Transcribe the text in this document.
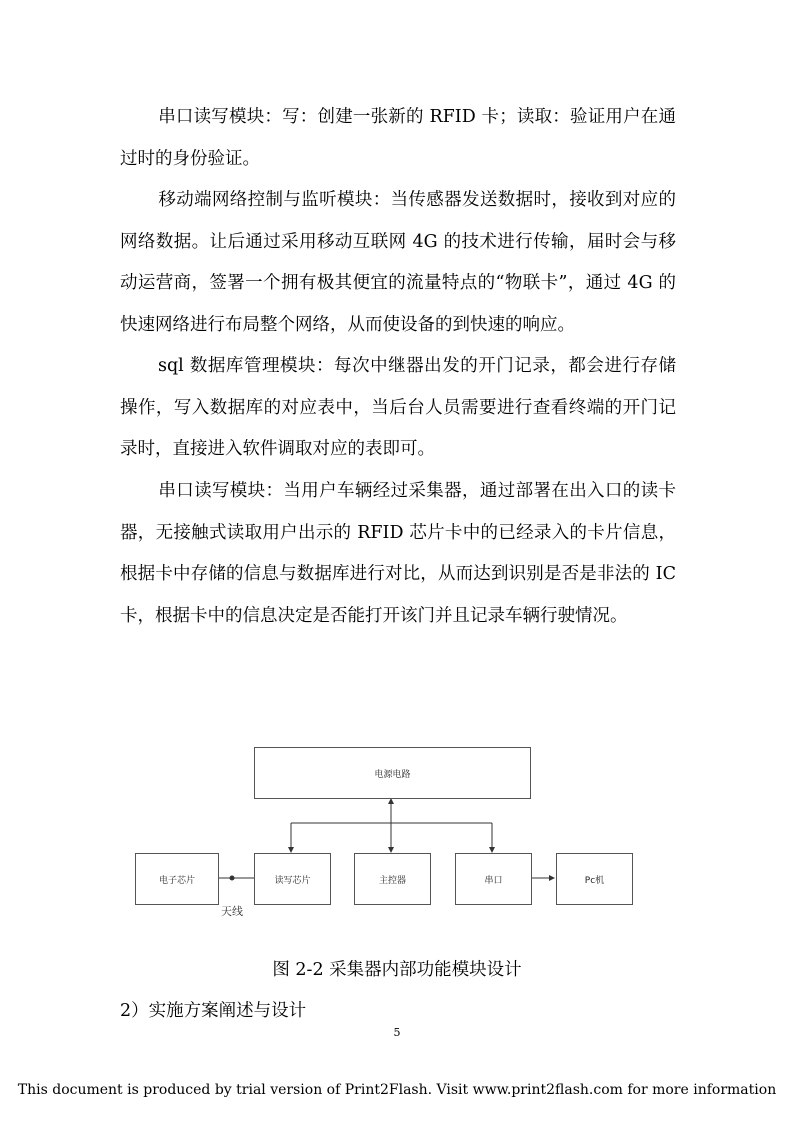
串口读写模块：写：创建一张新的 RFID 卡；读取：验证用户在通过时的身份验证。

移动端网络控制与监听模块：当传感器发送数据时，接收到对应的网络数据。让后通过采用移动互联网 4G 的技术进行传输，届时会与移动运营商，签署一个拥有极其便宜的流量特点的“物联卡”，通过 4G 的快速网络进行布局整个网络，从而使设备的到快速的响应。

sql 数据库管理模块：每次中继器出发的开门记录，都会进行存储操作，写入数据库的对应表中，当后台人员需要进行查看终端的开门记录时，直接进入软件调取对应的表即可。

串口读写模块：当用户车辆经过采集器，通过部署在出入口的读卡器，无接触式读取用户出示的 RFID 芯片卡中的已经录入的卡片信息，根据卡中存储的信息与数据库进行对比，从而达到识别是否是非法的 IC 卡，根据卡中的信息决定是否能打开该门并且记录车辆行驶情况。

电源电路
电子芯片	读写芯片	主控器	串口	Pc机
天线
图 2-2 采集器内部功能模块设计
2）实施方案阐述与设计
5
This document is produced by trial version of Print2Flash. Visit www.print2flash.com for more information
